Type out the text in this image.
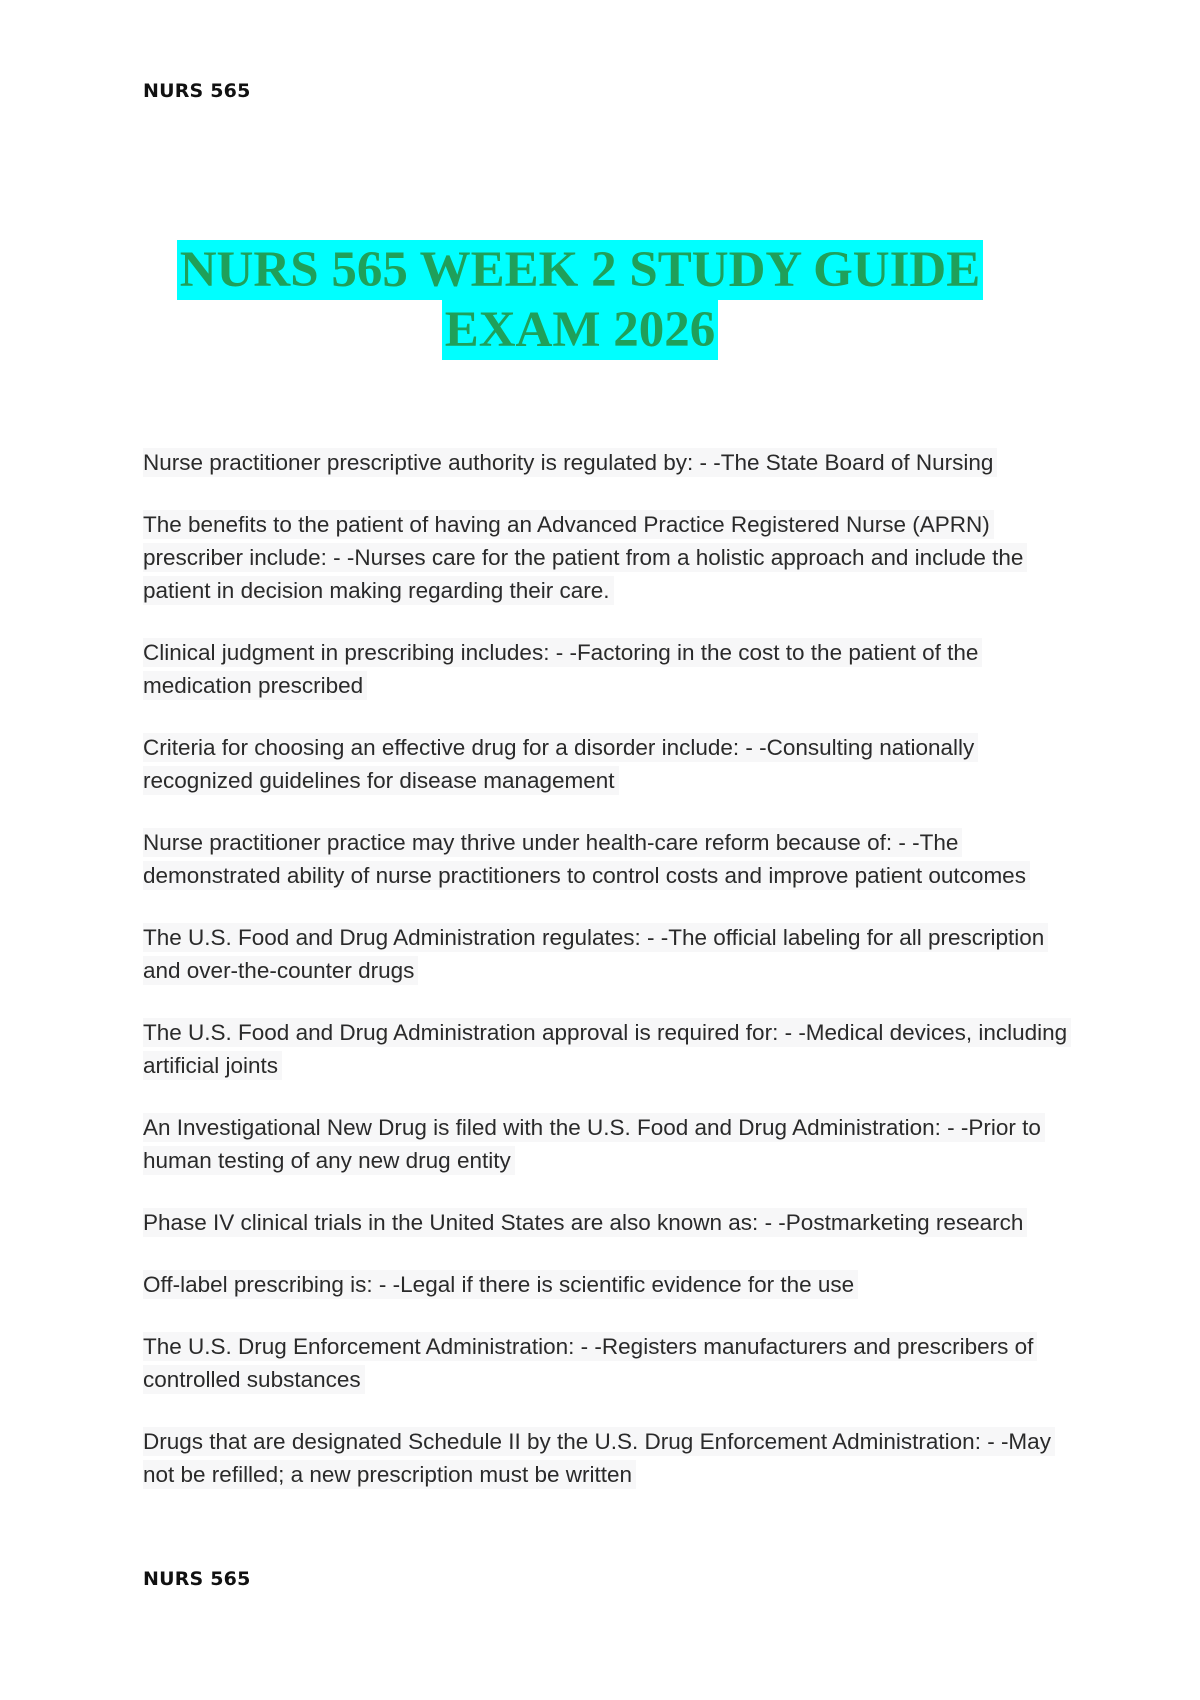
NURS 565
NURS 565 WEEK 2 STUDY GUIDE
EXAM 2026
Nurse practitioner prescriptive authority is regulated by: - -The State Board of Nursing
The benefits to the patient of having an Advanced Practice Registered Nurse (APRN) prescriber include: - -Nurses care for the patient from a holistic approach and include the patient in decision making regarding their care.
Clinical judgment in prescribing includes: - -Factoring in the cost to the patient of the medication prescribed
Criteria for choosing an effective drug for a disorder include: - -Consulting nationally recognized guidelines for disease management
Nurse practitioner practice may thrive under health-care reform because of: - -The demonstrated ability of nurse practitioners to control costs and improve patient outcomes
The U.S. Food and Drug Administration regulates: - -The official labeling for all prescription and over-the-counter drugs
The U.S. Food and Drug Administration approval is required for: - -Medical devices, including artificial joints
An Investigational New Drug is filed with the U.S. Food and Drug Administration: - -Prior to human testing of any new drug entity
Phase IV clinical trials in the United States are also known as: - -Postmarketing research
Off-label prescribing is: - -Legal if there is scientific evidence for the use
The U.S. Drug Enforcement Administration: - -Registers manufacturers and prescribers of controlled substances
Drugs that are designated Schedule II by the U.S. Drug Enforcement Administration: - -May not be refilled; a new prescription must be written
NURS 565
